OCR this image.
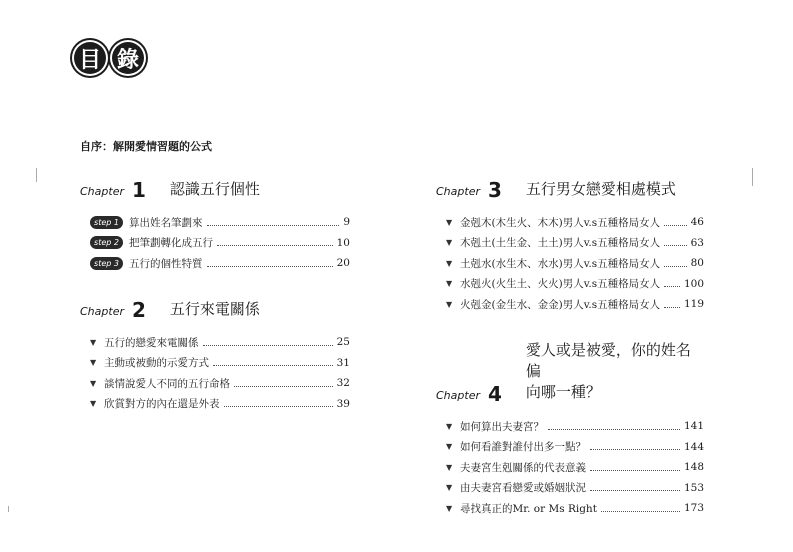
目 錄
自序：解開愛情習題的公式
Chapter 1 認識五行個性
step 1 算出姓名筆劃來	9
step 2 把筆劃轉化成五行	10
step 3 五行的個性特質	20
Chapter 2 五行來電關係
▼ 五行的戀愛來電關係	25
▼ 主動或被動的示愛方式	31
▼ 談情說愛人不同的五行命格	32
▼ 欣賞對方的內在還是外表	39
Chapter 3 五行男女戀愛相處模式
▼ 金剋木(木生火、木木)男人v.s五種格局女人	46
▼ 木剋土(土生金、土土)男人v.s五種格局女人	63
▼ 土剋水(水生木、水水)男人v.s五種格局女人	80
▼ 水剋火(火生土、火火)男人v.s五種格局女人 100
▼ 火剋金(金生水、金金)男人v.s五種格局女人 119
Chapter 4
愛人或是被愛，你的姓名偏
向哪一種？
▼ 如何算出夫妻宮？	141
▼ 如何看誰對誰付出多一點？	144
▼ 夫妻宮生剋關係的代表意義	148
▼ 由夫妻宮看戀愛或婚姻狀況	153
▼ 尋找真正的Mr. or Ms Right	173
